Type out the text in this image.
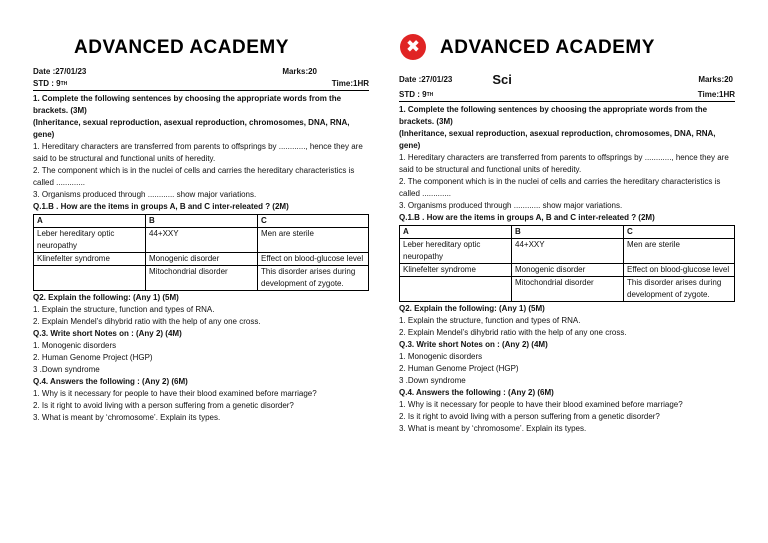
ADVANCED ACADEMY
Date :27/01/23	Marks:20
STD : 9TH	Time:1HR
1. Complete the following sentences by choosing the appropriate words from the brackets. (3M)
(Inheritance, sexual reproduction, asexual reproduction, chromosomes, DNA, RNA, gene)
1. Hereditary characters are transferred from parents to offsprings by ............, hence they are said to be structural and functional units of heredity.
2. The component which is in the nuclei of cells and carries the hereditary characteristics is called .............
3. Organisms produced through ............ show major variations.
Q.1.B . How are the items in groups A, B and C inter-releated ? (2M)
A	B	C
Leber hereditary optic neuropathy	44+XXY	Men are sterile
Klinefelter syndrome	Monogenic disorder	Effect on blood-glucose level
	Mitochondrial disorder	This disorder arises during development of zygote.
Q2. Explain the following: (Any 1) (5M)
1. Explain the structure, function and types of RNA.
2. Explain Mendel’s dihybrid ratio with the help of any one cross.
Q.3. Write short Notes on : (Any 2) (4M)
1. Monogenic disorders
2. Human Genome Project (HGP)
3 .Down syndrome
Q.4. Answers the following : (Any 2) (6M)
1. Why is it necessary for people to have their blood examined before marriage?
2. Is it right to avoid living with a person suffering from a genetic disorder?
3. What is meant by ‘chromosome’. Explain its types.
✖	ADVANCED ACADEMY
Date :27/01/23	Sci	Marks:20
STD : 9TH	Time:1HR
1. Complete the following sentences by choosing the appropriate words from the brackets. (3M)
(Inheritance, sexual reproduction, asexual reproduction, chromosomes, DNA, RNA, gene)
1. Hereditary characters are transferred from parents to offsprings by ............, hence they are said to be structural and functional units of heredity.
2. The component which is in the nuclei of cells and carries the hereditary characteristics is called .............
3. Organisms produced through ............ show major variations.
Q.1.B . How are the items in groups A, B and C inter-releated ? (2M)
A	B	C
Leber hereditary optic neuropathy	44+XXY	Men are sterile
Klinefelter syndrome	Monogenic disorder	Effect on blood-glucose level
	Mitochondrial disorder	This disorder arises during development of zygote.
Q2. Explain the following: (Any 1) (5M)
1. Explain the structure, function and types of RNA.
2. Explain Mendel’s dihybrid ratio with the help of any one cross.
Q.3. Write short Notes on : (Any 2) (4M)
1. Monogenic disorders
2. Human Genome Project (HGP)
3 .Down syndrome
Q.4. Answers the following : (Any 2) (6M)
1. Why is it necessary for people to have their blood examined before marriage?
2. Is it right to avoid living with a person suffering from a genetic disorder?
3. What is meant by ‘chromosome’. Explain its types.
